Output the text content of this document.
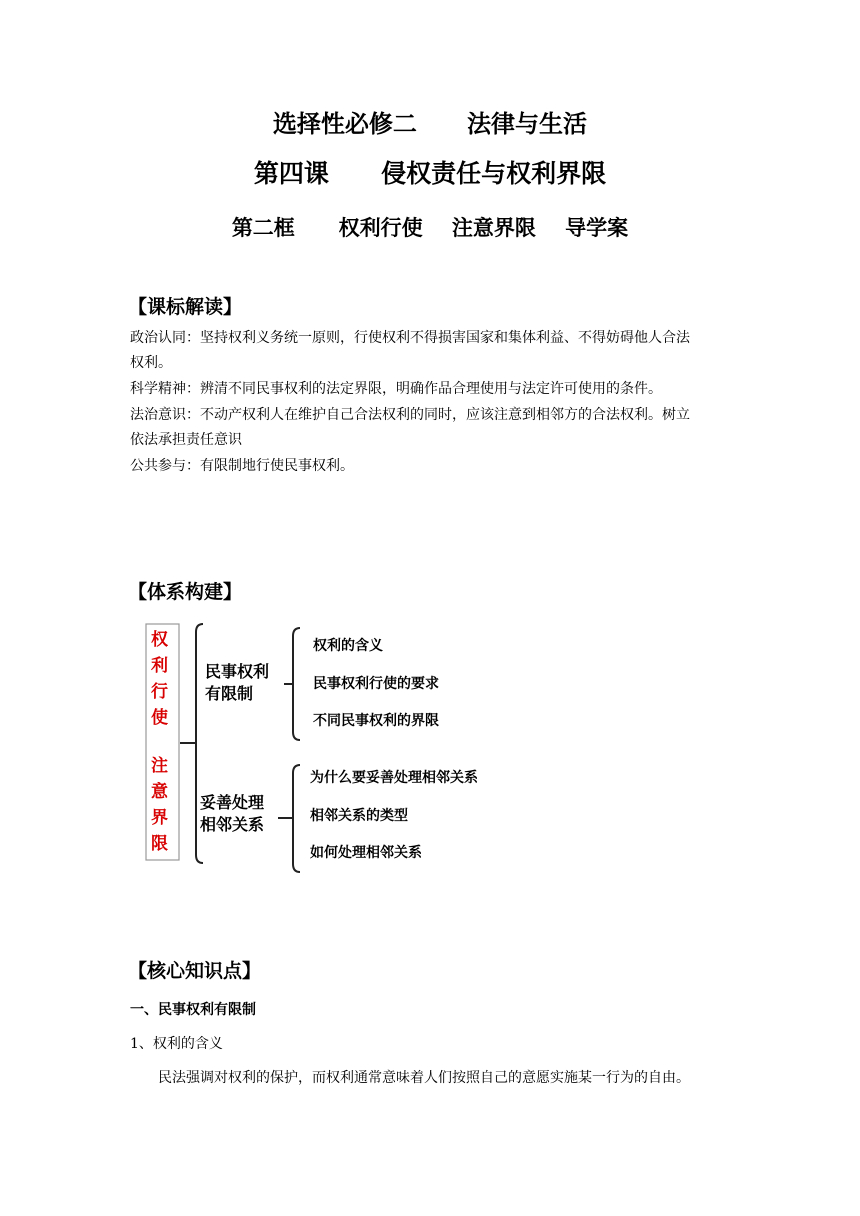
选择性必修二      法律与生活
第四课      侵权责任与权利界限
第二框      权利行使    注意界限    导学案
【课标解读】
政治认同：坚持权利义务统一原则，行使权利不得损害国家和集体利益、不得妨碍他人合法
权利。
科学精神：辨清不同民事权利的法定界限，明确作品合理使用与法定许可使用的条件。
法治意识：不动产权利人在维护自己合法权利的同时，应该注意到相邻方的合法权利。树立
依法承担责任意识
公共参与：有限制地行使民事权利。
【体系构建】
权
利
行
使
注
意
界
限
民事权利
有限制
权利的含义
民事权利行使的要求
不同民事权利的界限
妥善处理
相邻关系
为什么要妥善处理相邻关系
相邻关系的类型
如何处理相邻关系
【核心知识点】
一、民事权利有限制
1、权利的含义
民法强调对权利的保护，而权利通常意味着人们按照自己的意愿实施某一行为的自由。
